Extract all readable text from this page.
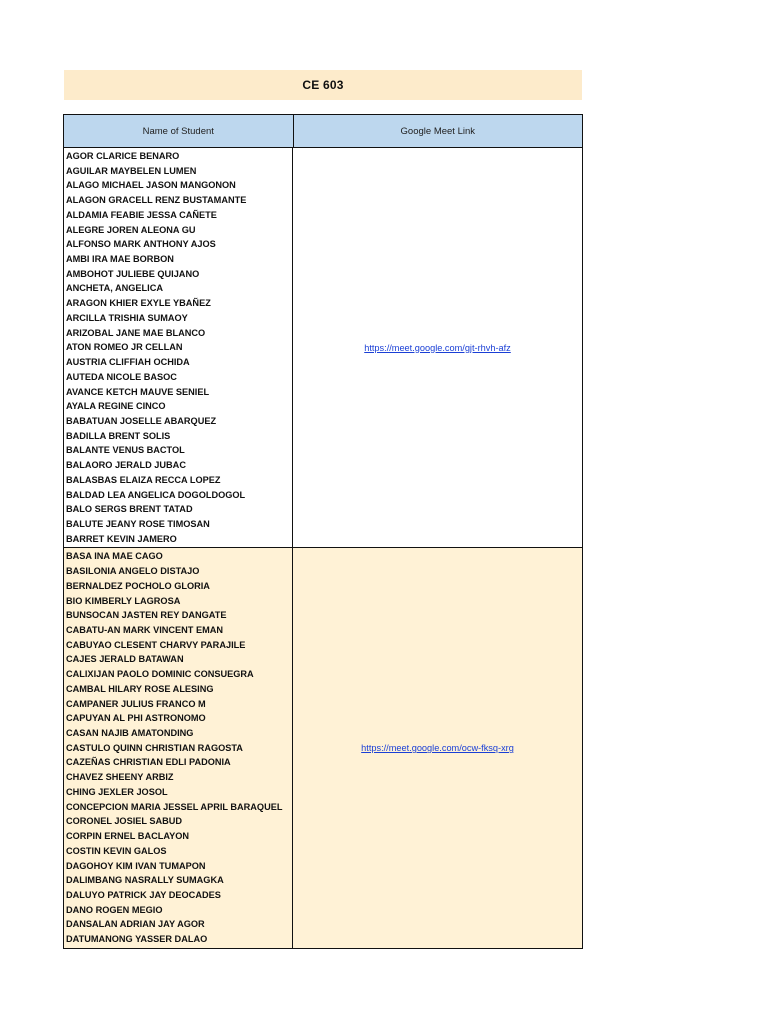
CE 603
Name of Student	Google Meet Link
AGOR CLARICE BENARO
AGUILAR MAYBELEN LUMEN
ALAGO MICHAEL JASON MANGONON
ALAGON GRACELL RENZ BUSTAMANTE
ALDAMIA FEABIE JESSA CAÑETE
ALEGRE JOREN ALEONA GU
ALFONSO MARK ANTHONY AJOS
AMBI IRA MAE BORBON
AMBOHOT JULIEBE QUIJANO
ANCHETA, ANGELICA
ARAGON KHIER EXYLE YBAÑEZ
ARCILLA TRISHIA SUMAOY
ARIZOBAL JANE MAE BLANCO
ATON ROMEO JR CELLAN
AUSTRIA CLIFFIAH OCHIDA
AUTEDA NICOLE BASOC
AVANCE KETCH MAUVE SENIEL
AYALA REGINE CINCO
BABATUAN JOSELLE ABARQUEZ
BADILLA BRENT SOLIS
BALANTE VENUS BACTOL
BALAORO JERALD JUBAC
BALASBAS ELAIZA RECCA LOPEZ
BALDAD LEA ANGELICA DOGOLDOGOL
BALO SERGS BRENT TATAD
BALUTE JEANY ROSE TIMOSAN
BARRET KEVIN JAMERO
https://meet.google.com/gjt-rhvh-afz
BASA INA MAE CAGO
BASILONIA ANGELO DISTAJO
BERNALDEZ POCHOLO GLORIA
BIO KIMBERLY LAGROSA
BUNSOCAN JASTEN REY DANGATE
CABATU-AN MARK VINCENT EMAN
CABUYAO CLESENT CHARVY PARAJILE
CAJES JERALD BATAWAN
CALIXIJAN PAOLO DOMINIC CONSUEGRA
CAMBAL HILARY ROSE ALESING
CAMPANER JULIUS FRANCO M
CAPUYAN AL PHI ASTRONOMO
CASAN NAJIB AMATONDING
CASTULO QUINN CHRISTIAN RAGOSTA
CAZEÑAS CHRISTIAN EDLI PADONIA
CHAVEZ SHEENY ARBIZ
CHING JEXLER JOSOL
CONCEPCION MARIA JESSEL APRIL BARAQUEL
CORONEL JOSIEL SABUD
CORPIN ERNEL BACLAYON
COSTIN KEVIN GALOS
DAGOHOY KIM IVAN TUMAPON
DALIMBANG NASRALLY SUMAGKA
DALUYO PATRICK JAY DEOCADES
DANO ROGEN MEGIO
DANSALAN ADRIAN JAY AGOR
DATUMANONG YASSER DALAO
https://meet.google.com/ocw-fksq-xrg
